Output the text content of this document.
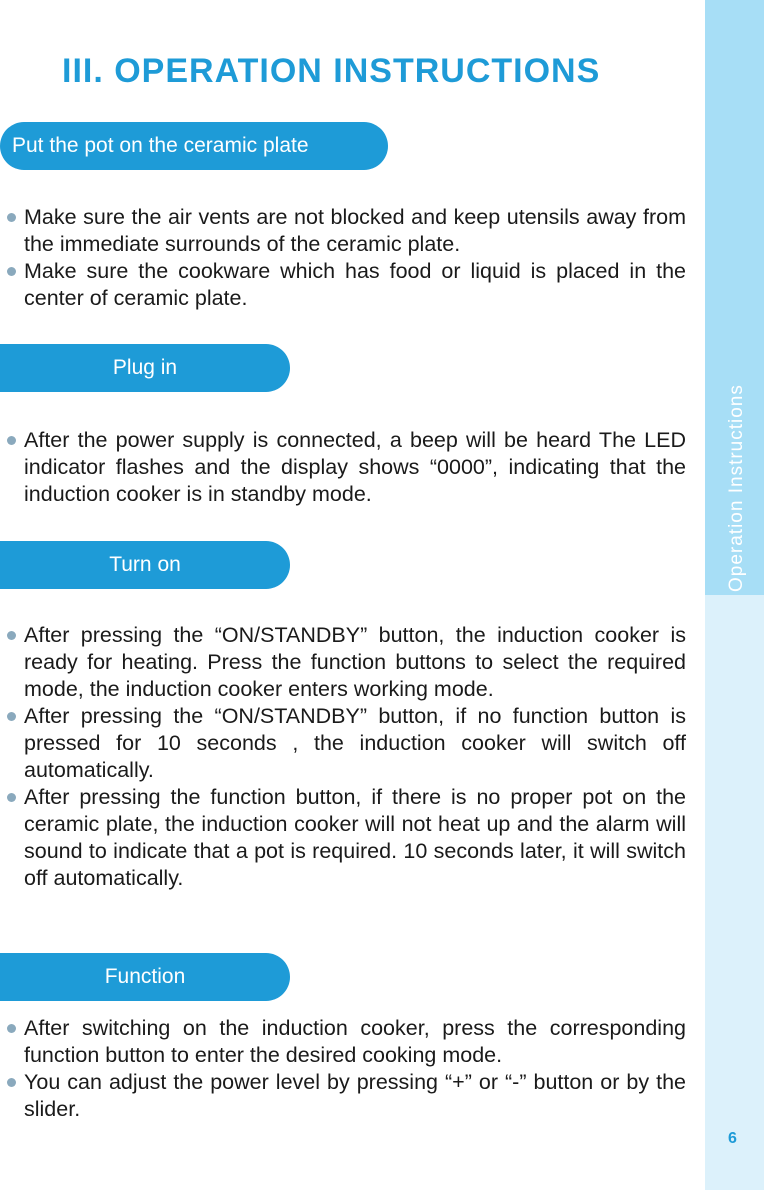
III. OPERATION INSTRUCTIONS
Put the pot on the ceramic plate
Make sure the air vents are not blocked and keep utensils away from the immediate surrounds of the ceramic plate.
Make sure the cookware which has food or liquid is placed in the center of ceramic plate.
Plug in
After the power supply is connected, a beep will be heard The LED indicator flashes and the display shows “0000”, indicating that the induction cooker is in standby mode.
Turn on
After pressing the “ON/STANDBY” button, the induction cooker is ready for heating. Press the function buttons to select the required mode, the induction cooker enters working mode.
After pressing the “ON/STANDBY” button, if no function button is pressed for 10 seconds , the induction cooker will switch off automatically.
After pressing the function button, if there is no proper pot on the ceramic plate, the induction cooker will not heat up and the alarm will sound to indicate that a pot is required. 10 seconds later, it will switch off automatically.
Function
After switching on the induction cooker, press the corresponding function button to enter the desired cooking mode.
You can adjust the power level by pressing “+” or “-” button or by the slider.
Operation Instructions
6
